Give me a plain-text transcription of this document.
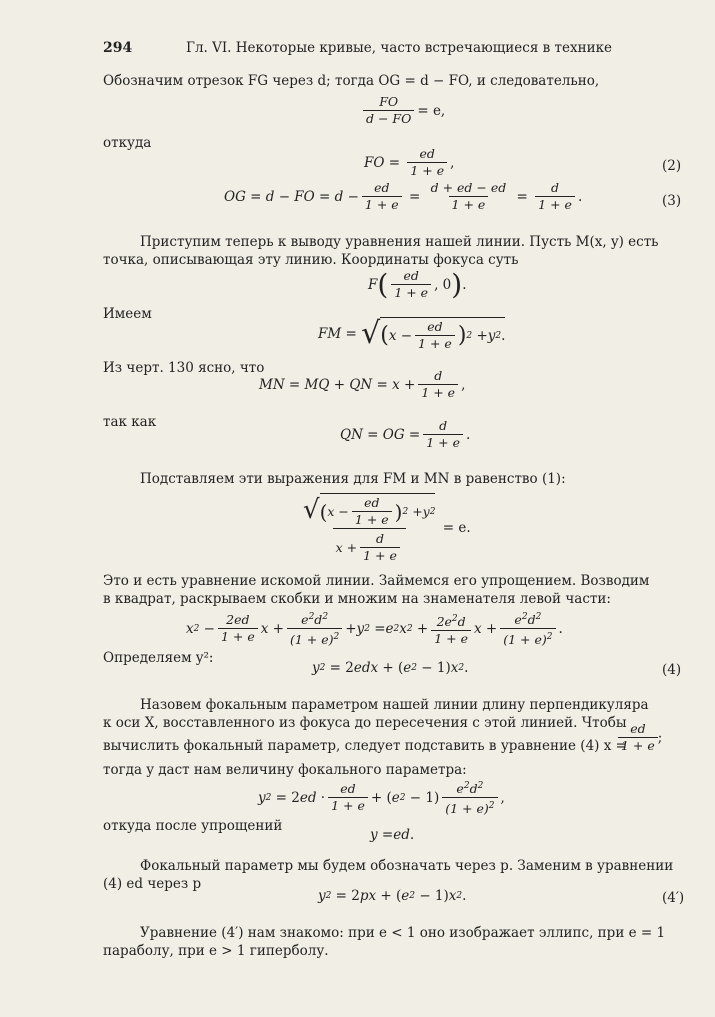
294	Гл. VI. Некоторые кривые, часто встречающиеся в технике
Обозначим отрезок FG через d; тогда OG = d − FO, и следовательно,
$\frac{FO}{d - FO} = e$,
откуда
FO = $\frac{ed}{1 + e}$ ,	(2)
OG = d − FO = $d - \frac{ed}{1 + e} = \frac{d + ed - ed}{1 + e} = \frac{d}{1 + e}$ .	(3)
Приступим теперь к выводу уравнения нашей линии. Пусть M(x, y) есть
точка, описывающая эту линию. Координаты фокуса суть
F ( $\frac{ed}{1 + e}$ , 0 ) .
Имеем
FM = √ ( $x - \frac{ed}{1 + e}$ ) 2 + y 2 .
Из черт. 130 ясно, что
MN = MQ + QN = $x + \frac{d}{1 + e}$ ,
так как
QN = OG = $\frac{d}{1 + e}$ .
Подставляем эти выражения для FM и MN в равенство (1):
√ ( $x - \frac{ed}{1 + e}$ ) 2 + y 2
$x + \frac{d}{1 + e}$
= e.
Это и есть уравнение искомой линии. Займемся его упрощением. Возводим
в квадрат, раскрываем скобки и множим на знаменателя левой части:
x $2 - \frac{2ed}{1 + e}$ $x + \frac{e^2d^2}{(1 + e)^2} + y$ 2 = e 2 x $2 + \frac{2e^2d}{1 + e}$ $x + \frac{e^2d^2}{(1 + e)^2}$ .
Определяем y²:
y 2 = 2 edx + ( e 2 − 1) x 2 .	(4)
Назовем фокальным параметром нашей линии длину перпендикуляра
к оси X, восставленного из фокуса до пересечения с этой линией. Чтобы
вычислить фокальный параметр, следует подставить в уравнение (4) x =
$\frac{ed}{1 + e}$ ;
тогда y даст нам величину фокального параметра:
y 2 = 2 ed · $\frac{ed}{1 + e}$ + ( e $2 - 1) \frac{e^2d^2}{(1 + e)^2}$ ,
откуда после упрощений
y = ed .
Фокальный параметр мы будем обозначать через p. Заменим в уравнении
(4) ed через p
y 2 = 2 px + ( e 2 − 1) x 2 .	(4′)
Уравнение (4′) нам знакомо: при e < 1 оно изображает эллипс, при e = 1
параболу, при e > 1 гиперболу.
